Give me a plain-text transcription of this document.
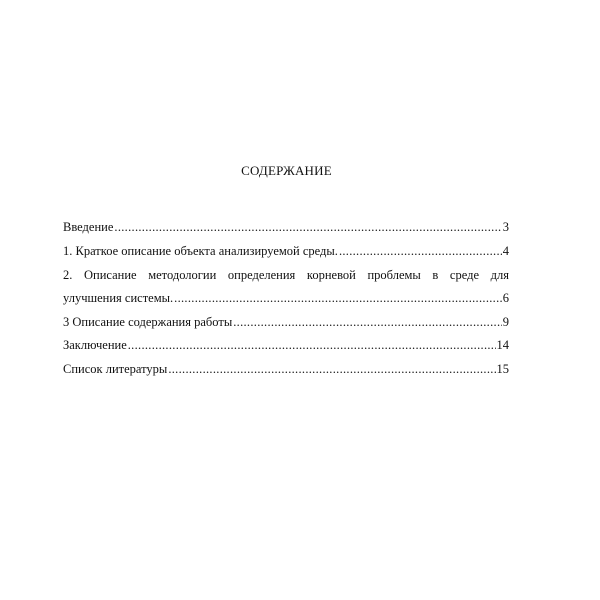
СОДЕРЖАНИЕ
Введение .....	3
1. Краткое описание объекта анализируемой среды. .....	4
2. Описание методологии определения корневой проблемы в среде для
улучшения системы. .....	6
3 Описание содержания работы .....	9
Заключение .....	14
Список литературы .....	15
